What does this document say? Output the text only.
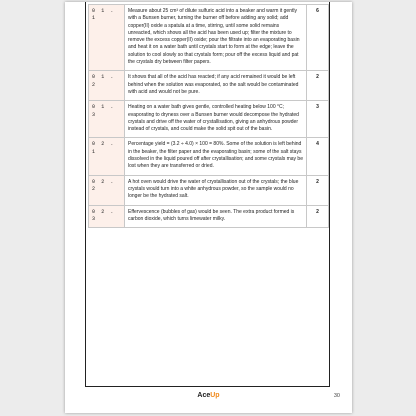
0 1 . 1	Measure about 25 cm³ of dilute sulfuric acid into a beaker and warm it gently with a Bunsen burner, turning the burner off before adding any solid; add copper(II) oxide a spatula at a time, stirring, until some solid remains unreacted, which shows all the acid has been used up; filter the mixture to remove the excess copper(II) oxide; pour the filtrate into an evaporating basin and heat it on a water bath until crystals start to form at the edge; leave the solution to cool slowly so that crystals form; pour off the excess liquid and pat the crystals dry between filter papers.	6
0 1 . 2	It shows that all of the acid has reacted; if any acid remained it would be left behind when the solution was evaporated, so the salt would be contaminated with acid and would not be pure.	2
0 1 . 3	Heating on a water bath gives gentle, controlled heating below 100 °C; evaporating to dryness over a Bunsen burner would decompose the hydrated crystals and drive off the water of crystallisation, giving an anhydrous powder instead of crystals, and could make the solid spit out of the basin.	3
0 2 . 1	Percentage yield = (3.2 ÷ 4.0) × 100 = 80%. Some of the solution is left behind in the beaker, the filter paper and the evaporating basin; some of the salt stays dissolved in the liquid poured off after crystallisation; and some crystals may be lost when they are transferred or dried.	4
0 2 . 2	A hot oven would drive the water of crystallisation out of the crystals; the blue crystals would turn into a white anhydrous powder, so the sample would no longer be the hydrated salt.	2
0 2 . 3	Effervescence (bubbles of gas) would be seen. The extra product formed is carbon dioxide, which turns limewater milky.	2
AceUp	30
